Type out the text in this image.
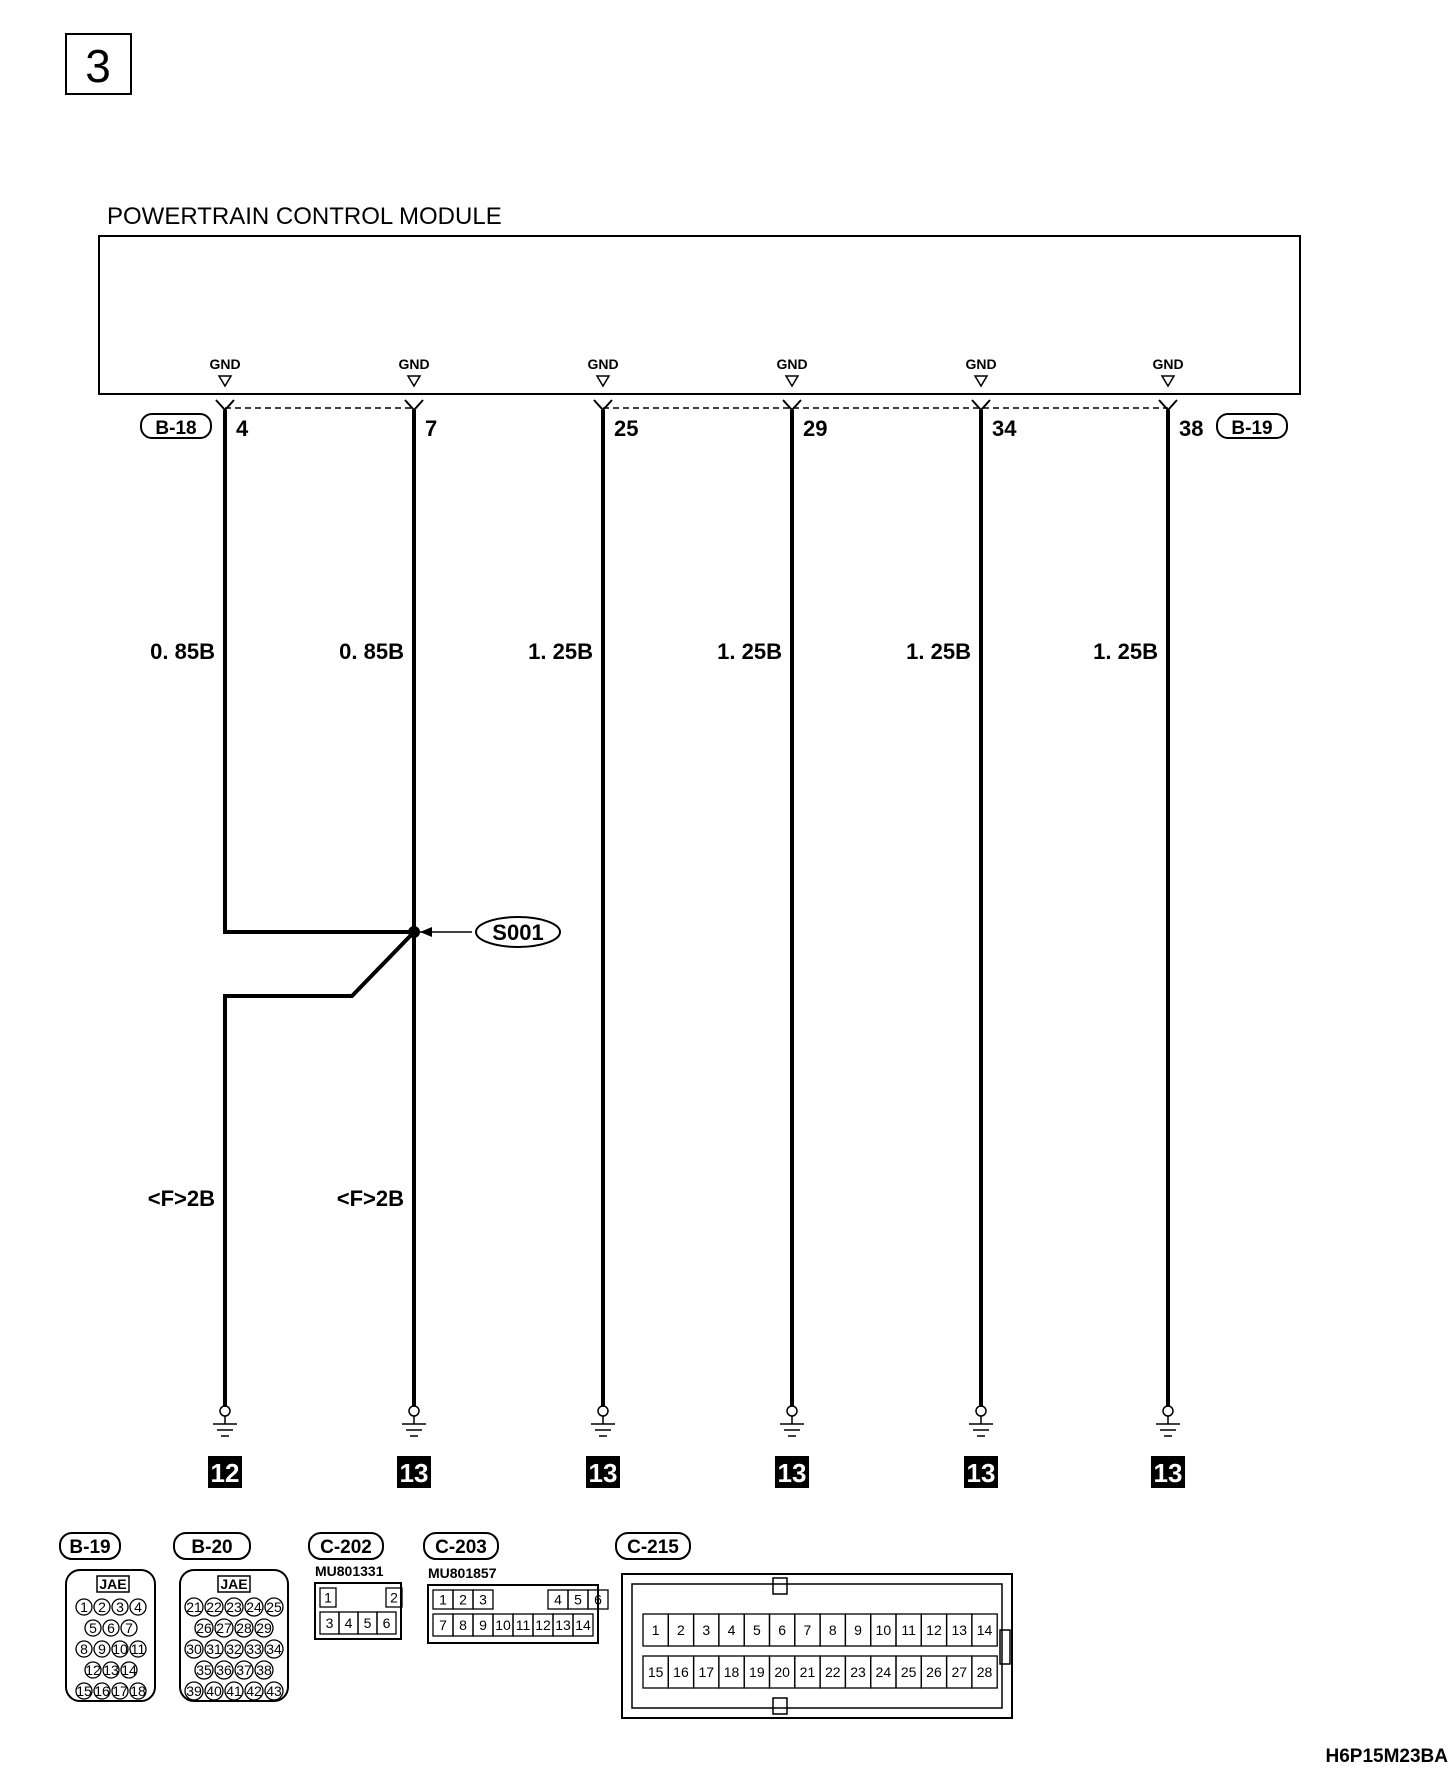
3
POWERTRAIN CONTROL MODULE
B-18	B-19
GND
4
0. 85B
12
GND
7
0. 85B
13
GND
25
1. 25B
13
GND
29
1. 25B
13
GND
34
1. 25B
13
GND
38
1. 25B
13
S001
<F>2B	<F>2B
B-19
JAE
1 2 3 4
5 6 7
8 9 10 11
12 13 14
15 16 17 18
B-20
JAE
21 22 23 24 25
26 27 28 29
30 31 32 33 34
35 36 37 38
39 40 41 42 43
C-202
MU801331
1	2
3 4 5 6
C-203
MU801857
1 2 3	4 5 6
7 8 9 10 11 12 13 14
C-215
1 2 3 4 5 6 7 8 9 10 11 12 13 14
15 16 17 18 19 20 21 22 23 24 25 26 27 28
H6P15M23BA
